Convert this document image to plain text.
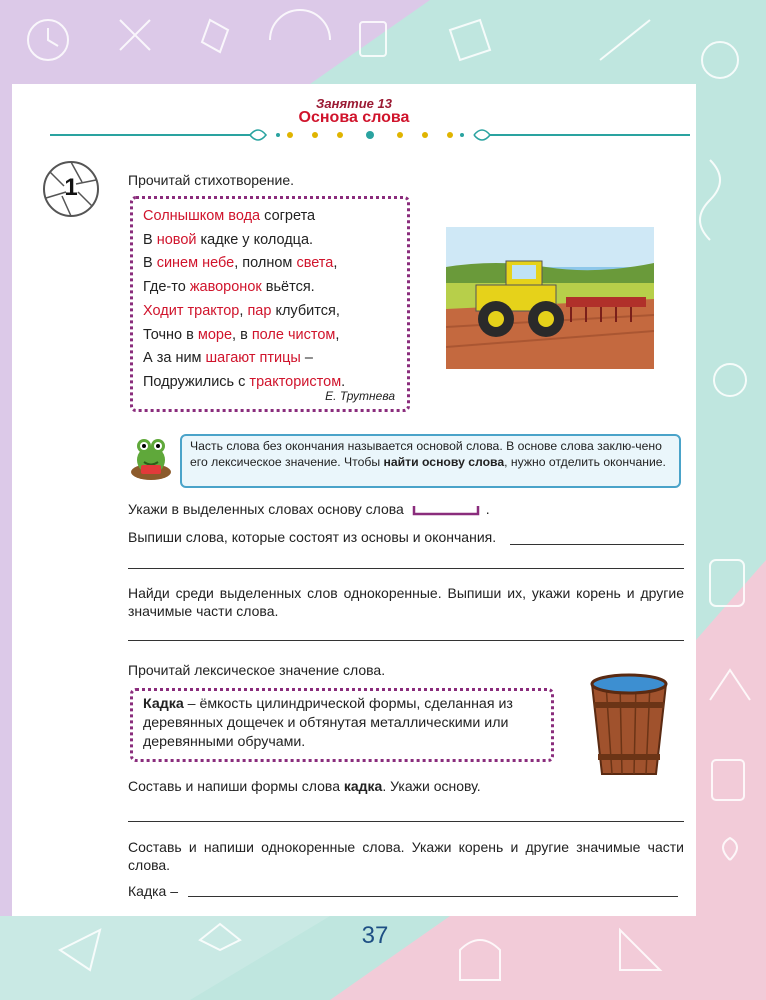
Занятие 13
Основа слова
1	Прочитай стихотворение.
Солнышком вода согрета
В новой кадке у колодца.
В синем небе, полном света,
Где-то жаворонок вьётся.
Ходит трактор, пар клубится,
Точно в море, в поле чистом,
А за ним шагают птицы –
Подружились с трактористом.
Е. Трутнева
Часть слова без окончания называется основой слова. В основе слова заклю-чено его лексическое значение. Чтобы найти основу слова, нужно отделить окончание.
Укажи в выделенных словах основу слова	.
Выпиши слова, которые состоят из основы и окончания.
Найди среди выделенных слов однокоренные. Выпиши их, укажи корень и другие значимые части слова.
Прочитай лексическое значение слова.
Кадка – ёмкость цилиндрической формы, сделанная из деревянных дощечек и обтянутая металлическими или деревянными обручами.
Составь и напиши формы слова кадка. Укажи основу.
Составь и напиши однокоренные слова. Укажи корень и другие значимые части слова.
Кадка –
37
